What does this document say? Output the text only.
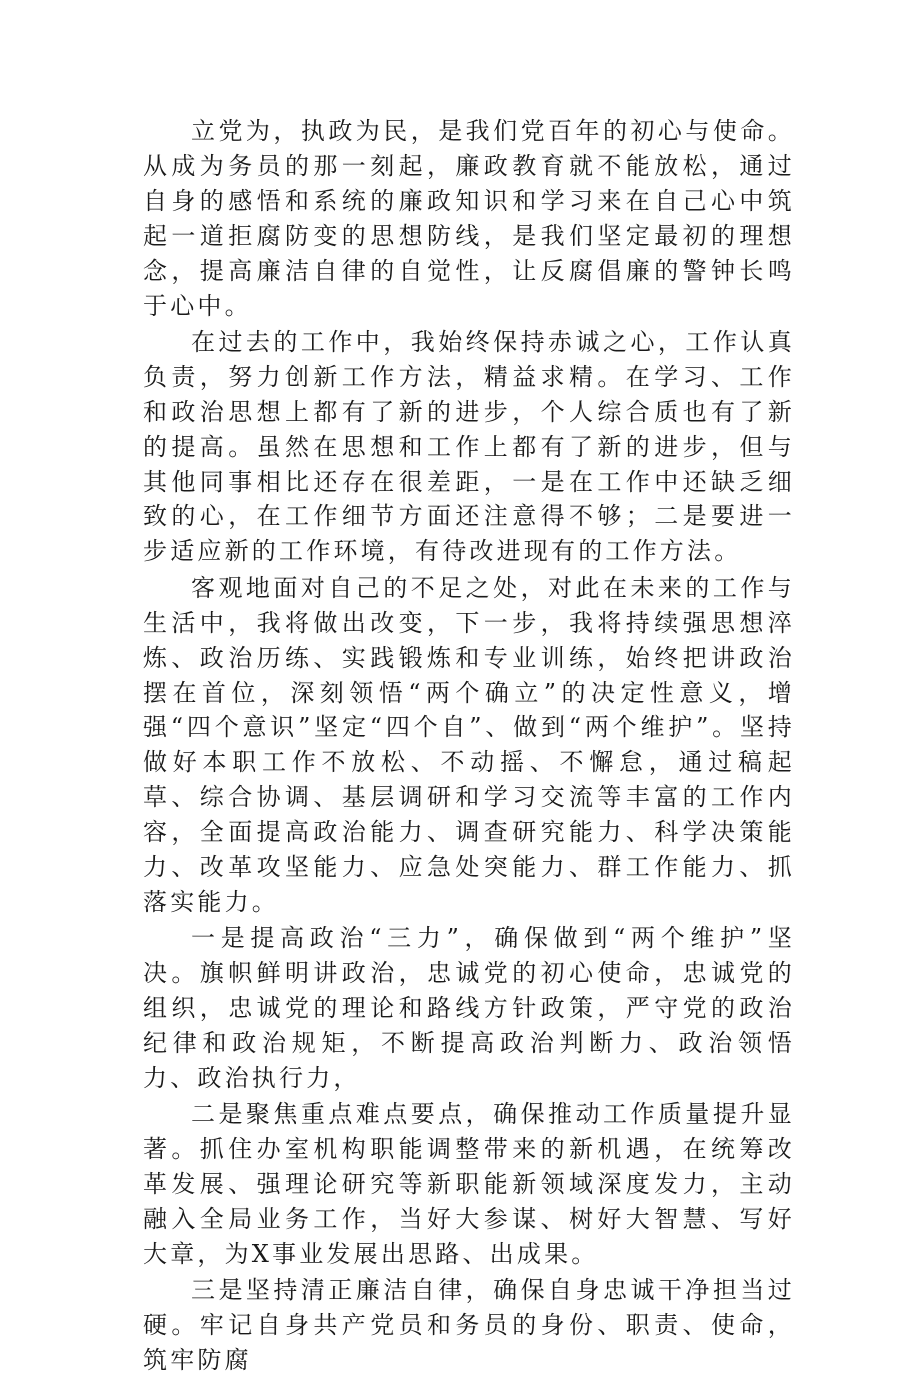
立党为，执政为民，是我们党百年的初心与使命。从成为务员的那一刻起，廉政教育就不能放松，通过自身的感悟和系统的廉政知识和学习来在自己心中筑起一道拒腐防变的思想防线，是我们坚定最初的理想念，提高廉洁自律的自觉性，让反腐倡廉的警钟长鸣于心中。

在过去的工作中，我始终保持赤诚之心，工作认真负责，努力创新工作方法，精益求精。在学习、工作和政治思想上都有了新的进步，个人综合质也有了新的提高。虽然在思想和工作上都有了新的进步，但与其他同事相比还存在很差距，一是在工作中还缺乏细致的心，在工作细节方面还注意得不够；二是要进一步适应新的工作环境，有待改进现有的工作方法。

客观地面对自己的不足之处，对此在未来的工作与生活中，我将做出改变，下一步，我将持续强思想淬炼、政治历练、实践锻炼和专业训练，始终把讲政治摆在首位，深刻领悟“两个确立”的决定性意义，增强“四个意识”坚定“四个自”、做到“两个维护”。坚持做好本职工作不放松、不动摇、不懈怠，通过稿起草、综合协调、基层调研和学习交流等丰富的工作内容，全面提高政治能力、调查研究能力、科学决策能力、改革攻坚能力、应急处突能力、群工作能力、抓落实能力。

一是提高政治“三力”，确保做到“两个维护”坚决。旗帜鲜明讲政治，忠诚党的初心使命，忠诚党的组织，忠诚党的理论和路线方针政策，严守党的政治纪律和政治规矩，不断提高政治判断力、政治领悟力、政治执行力，

二是聚焦重点难点要点，确保推动工作质量提升显著。抓住办室机构职能调整带来的新机遇，在统筹改革发展、强理论研究等新职能新领域深度发力，主动融入全局业务工作，当好大参谋、树好大智慧、写好大章，为X事业发展出思路、出成果。

三是坚持清正廉洁自律，确保自身忠诚干净担当过硬。牢记自身共产党员和务员的身份、职责、使命，筑牢防腐
